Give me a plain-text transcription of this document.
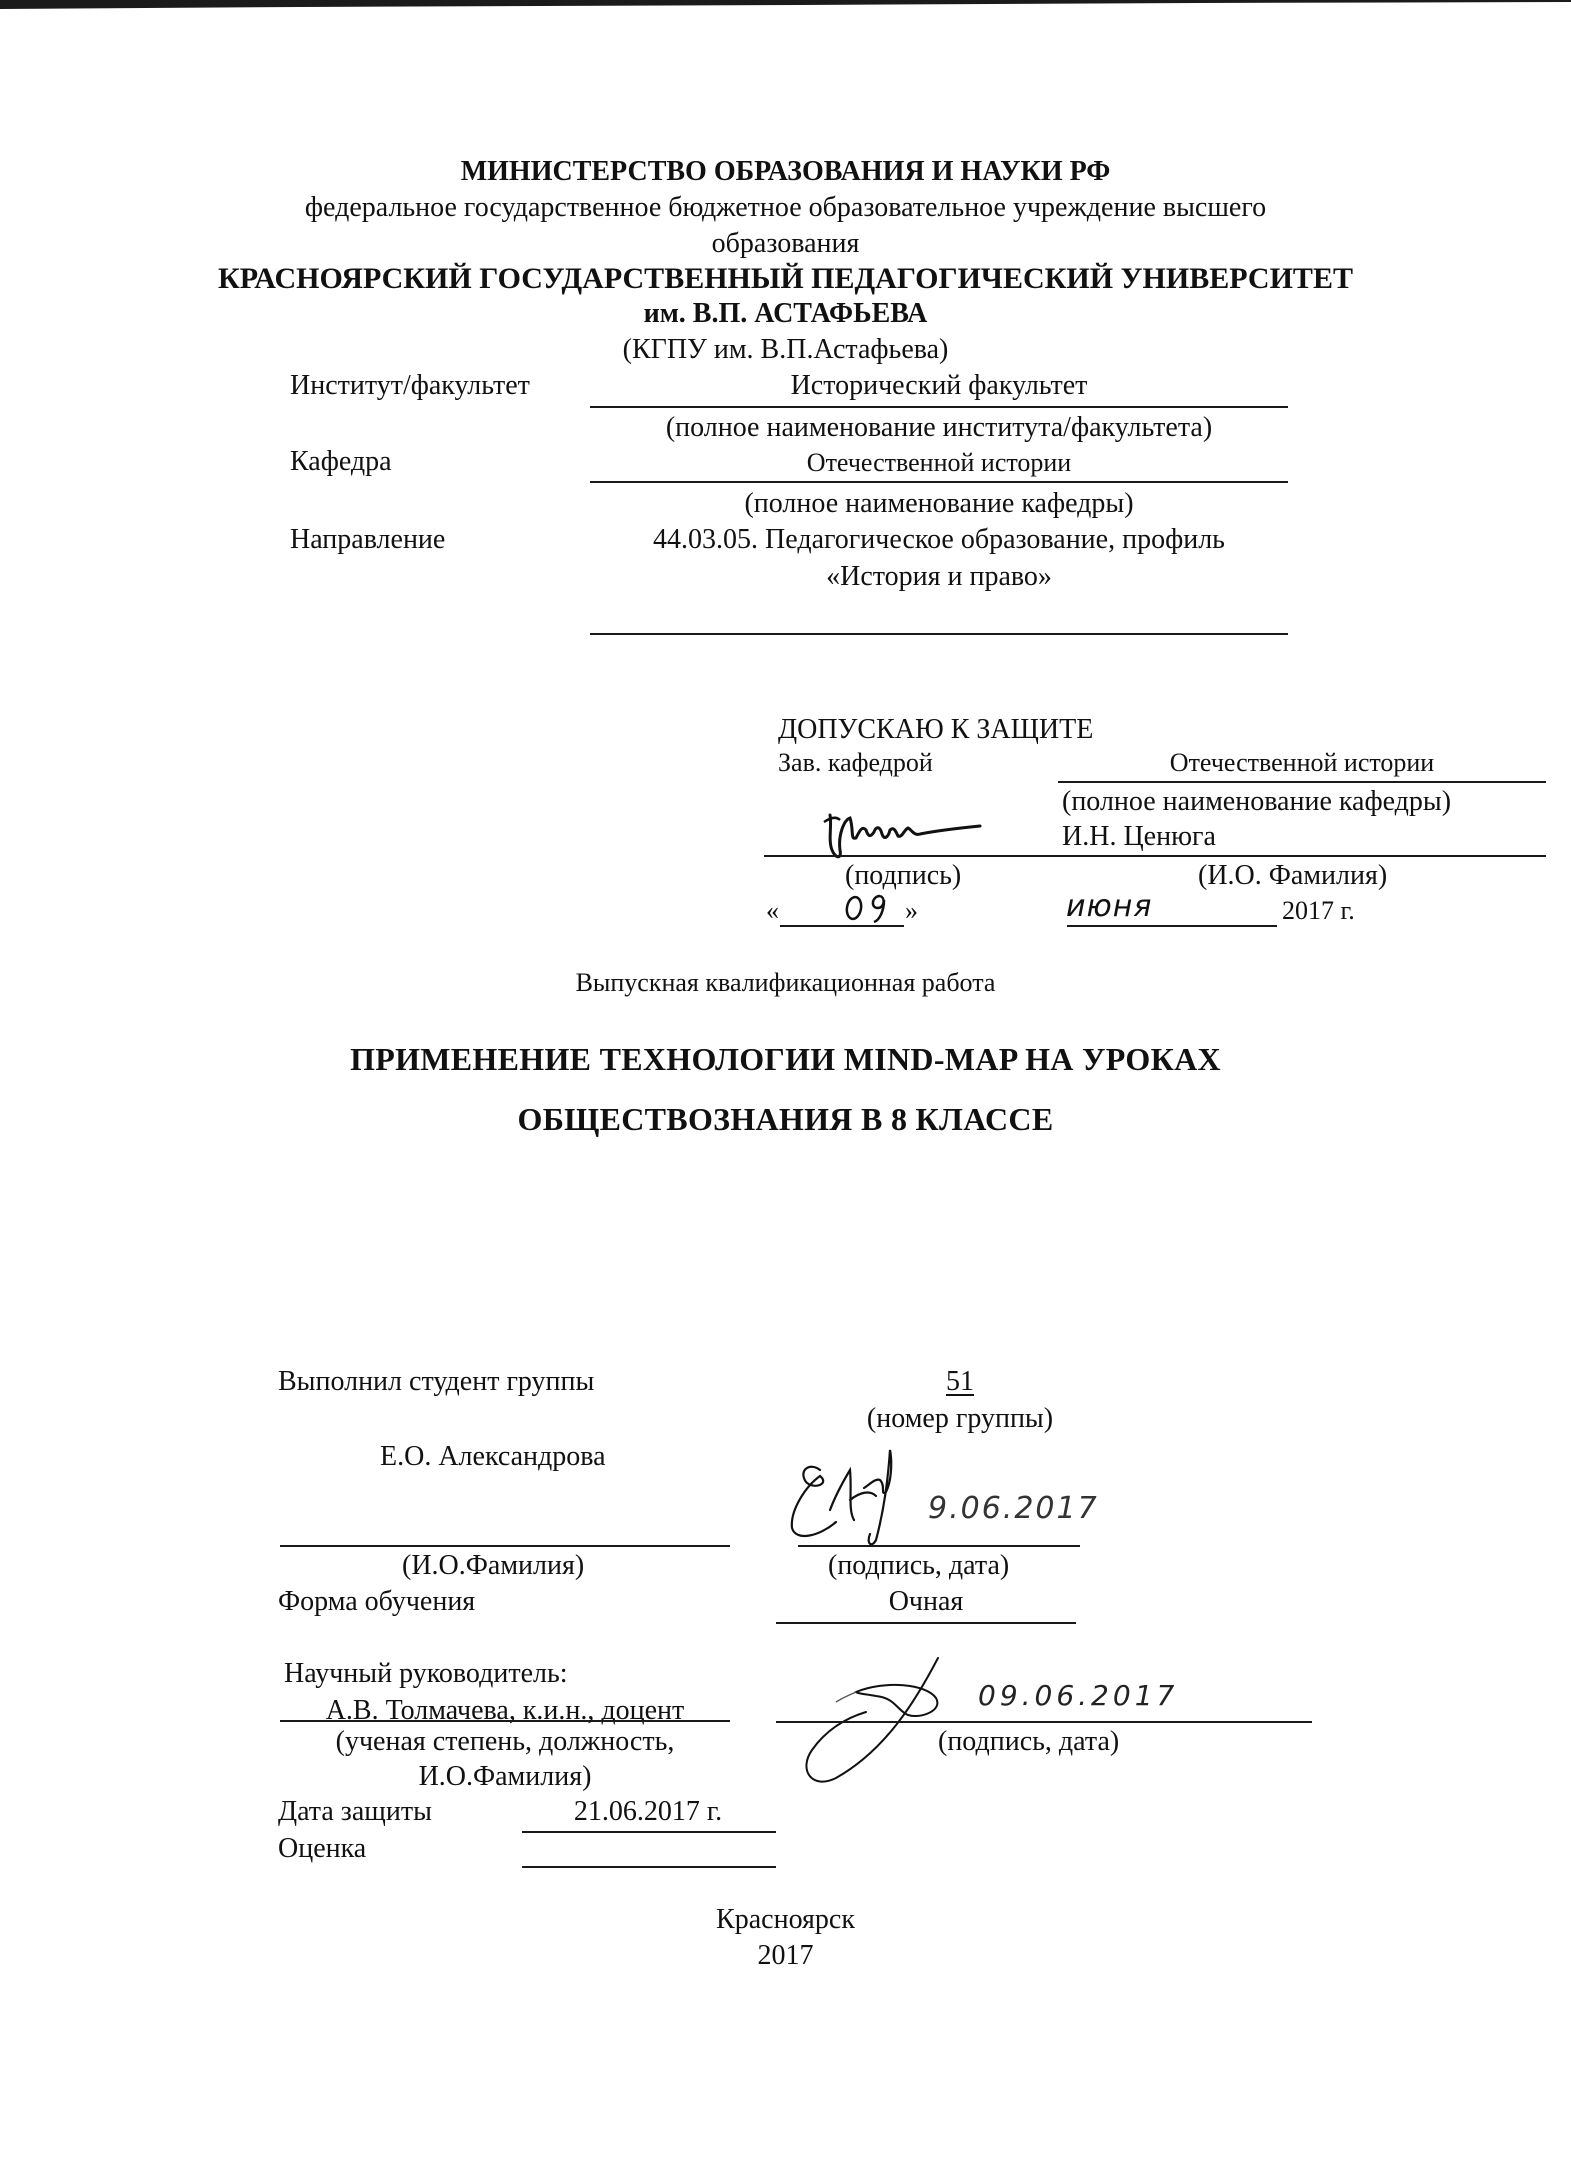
МИНИСТЕРСТВО ОБРАЗОВАНИЯ И НАУКИ РФ
федеральное государственное бюджетное образовательное учреждение высшего
образования
КРАСНОЯРСКИЙ ГОСУДАРСТВЕННЫЙ ПЕДАГОГИЧЕСКИЙ УНИВЕРСИТЕТ
им. В.П. АСТАФЬЕВА
(КГПУ им. В.П.Астафьева)
Институт/факультет	Исторический факультет
(полное наименование института/факультета)
Кафедра	Отечественной истории
(полное наименование кафедры)
Направление	44.03.05. Педагогическое образование, профиль
«История и право»
ДОПУСКАЮ К ЗАЩИТЕ
Зав. кафедрой	Отечественной истории
(полное наименование кафедры)
И.Н. Ценюга
(подпись)	(И.О. Фамилия)
«	»	июня	2017 г.
Выпускная квалификационная работа
ПРИМЕНЕНИЕ ТЕХНОЛОГИИ MIND-MAP НА УРОКАХ
ОБЩЕСТВОЗНАНИЯ В 8 КЛАССЕ
Выполнил студент группы	51
(номер группы)
Е.О. Александрова
9.06.2017
(И.О.Фамилия)	(подпись, дата)
Форма обучения	Очная
Научный руководитель:
А.В. Толмачева, к.и.н., доцент	09.06.2017
(ученая степень, должность,
И.О.Фамилия)
(подпись, дата)
Дата защиты	21.06.2017 г.
Оценка
Красноярск
2017
